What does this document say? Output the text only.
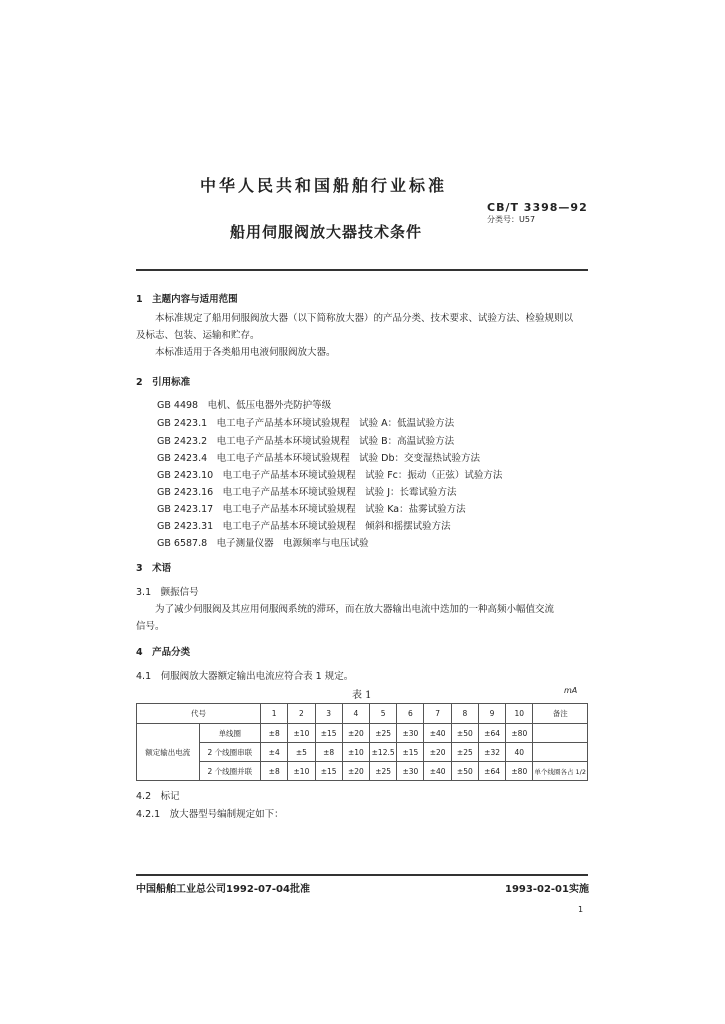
中华人民共和国船舶行业标准
CB/T 3398—92
分类号：U57
船用伺服阀放大器技术条件
1　主题内容与适用范围
本标准规定了船用伺服阀放大器（以下简称放大器）的产品分类、技术要求、试验方法、检验规则以
及标志、包装、运输和贮存。
本标准适用于各类船用电液伺服阀放大器。
2　引用标准
GB 4498　电机、低压电器外壳防护等级
GB 2423.1　电工电子产品基本环境试验规程　试验 A：低温试验方法
GB 2423.2　电工电子产品基本环境试验规程　试验 B：高温试验方法
GB 2423.4　电工电子产品基本环境试验规程　试验 Db：交变湿热试验方法
GB 2423.10　电工电子产品基本环境试验规程　试验 Fc：振动（正弦）试验方法
GB 2423.16　电工电子产品基本环境试验规程　试验 J：长霉试验方法
GB 2423.17　电工电子产品基本环境试验规程　试验 Ka：盐雾试验方法
GB 2423.31　电工电子产品基本环境试验规程　倾斜和摇摆试验方法
GB 6587.8　电子测量仪器　电源频率与电压试验
3　术语
3.1　颤振信号
为了减少伺服阀及其应用伺服阀系统的滞环，而在放大器输出电流中迭加的一种高频小幅值交流
信号。
4　产品分类
4.1　伺服阀放大器额定输出电流应符合表 1 规定。
表 1	mA
代号		1	2	3	4	5	6	7	8	9	10	备注
额定输出电流	单线圈	±8	±10	±15	±20	±25	±30	±40	±50	±64	±80	
	2 个线圈串联	±4	±5	±8	±10	±12.5	±15	±20	±25	±32	40	
	2 个线圈并联	±8	±10	±15	±20	±25	±30	±40	±50	±64	±80	单个线圈各占 1/2
4.2　标记
4.2.1　放大器型号编制规定如下：
中国船舶工业总公司1992-07-04批准	1993-02-01实施
1
